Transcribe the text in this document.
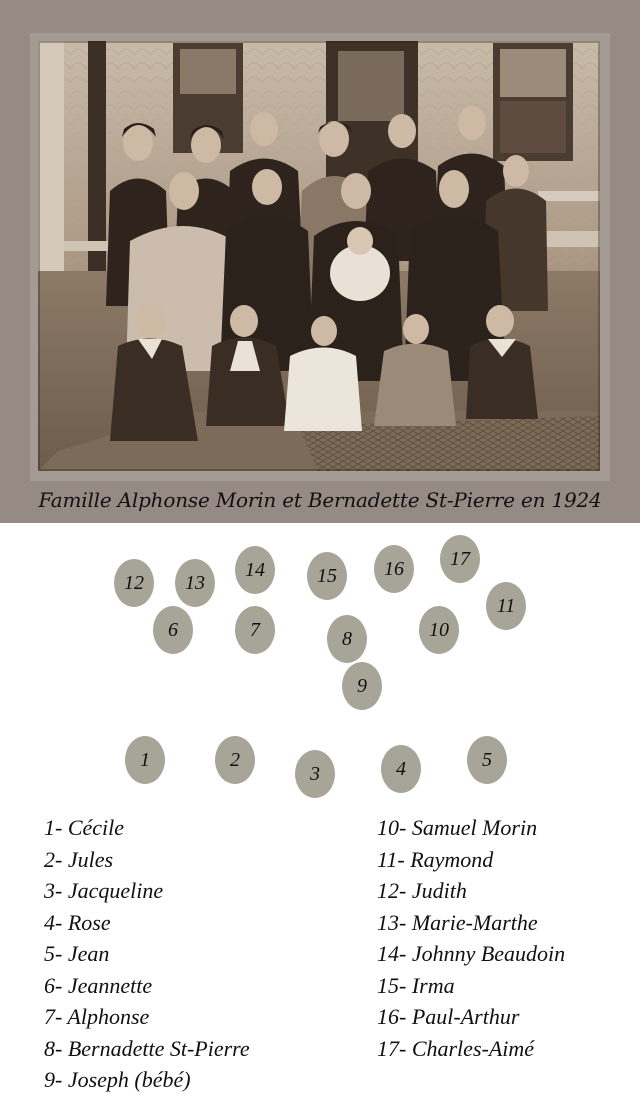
Famille Alphonse Morin et Bernadette St-Pierre en 1924
12	13
14	15	16	17
11
6	7	8	10
9
1	2
3	4	5
1- Cécile
2- Jules
3- Jacqueline
4- Rose
5- Jean
6- Jeannette
7- Alphonse
8- Bernadette St-Pierre
9- Joseph (bébé)
10- Samuel Morin
11- Raymond
12- Judith
13- Marie-Marthe
14- Johnny Beaudoin
15- Irma
16- Paul-Arthur
17- Charles-Aimé
